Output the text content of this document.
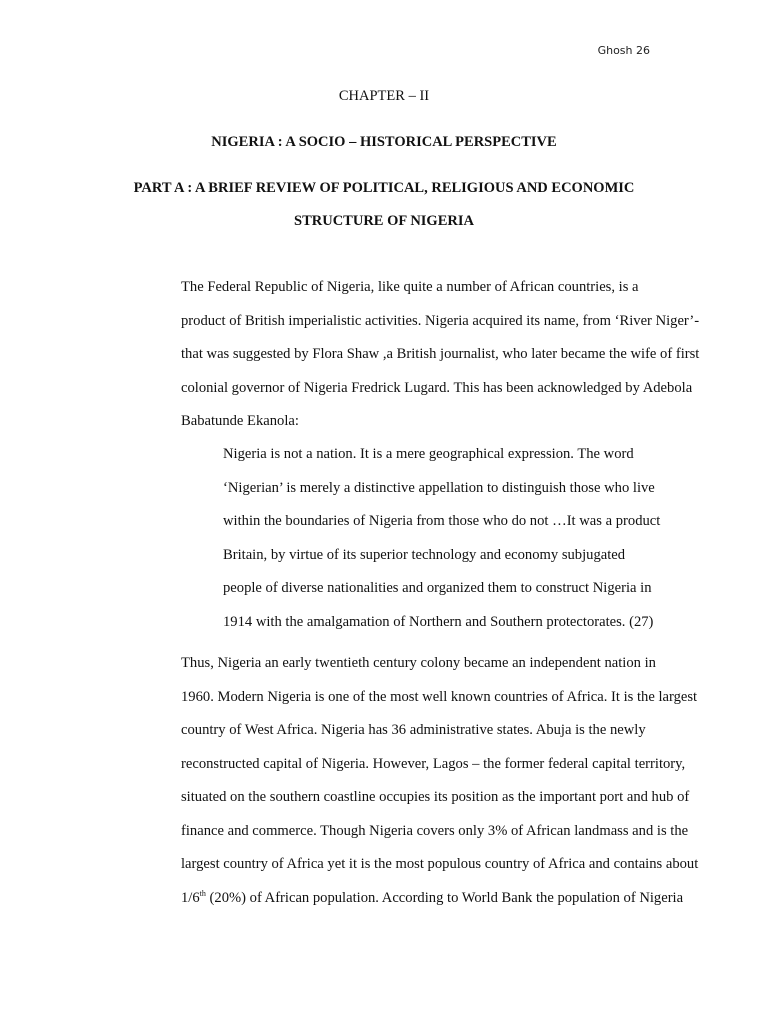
Ghosh 26
CHAPTER – II
NIGERIA : A SOCIO – HISTORICAL PERSPECTIVE
PART A : A BRIEF REVIEW OF POLITICAL, RELIGIOUS AND ECONOMIC
STRUCTURE OF NIGERIA

The Federal Republic of Nigeria, like quite a number of African countries, is a
product of British imperialistic activities. Nigeria acquired its name, from ‘River Niger’-
that was suggested by Flora Shaw ,a British journalist, who later became the wife of first
colonial governor of Nigeria Fredrick Lugard. This has been acknowledged by Adebola
Babatunde Ekanola:

Nigeria is not a nation. It is a mere geographical expression. The word
‘Nigerian’ is merely a distinctive appellation to distinguish those who live
within the boundaries of Nigeria from those who do not …It was a product
Britain, by virtue of its superior technology and economy subjugated
people of diverse nationalities and organized them to construct Nigeria in
1914 with the amalgamation of Northern and Southern protectorates. (27)

Thus, Nigeria an early twentieth century colony became an independent nation in
1960. Modern Nigeria is one of the most well known countries of Africa. It is the largest
country of West Africa. Nigeria has 36 administrative states. Abuja is the newly
reconstructed capital of Nigeria. However, Lagos – the former federal capital territory,
situated on the southern coastline occupies its position as the important port and hub of
finance and commerce. Though Nigeria covers only 3% of African landmass and is the
largest country of Africa yet it is the most populous country of Africa and contains about
1/6th (20%) of African population. According to World Bank the population of Nigeria
